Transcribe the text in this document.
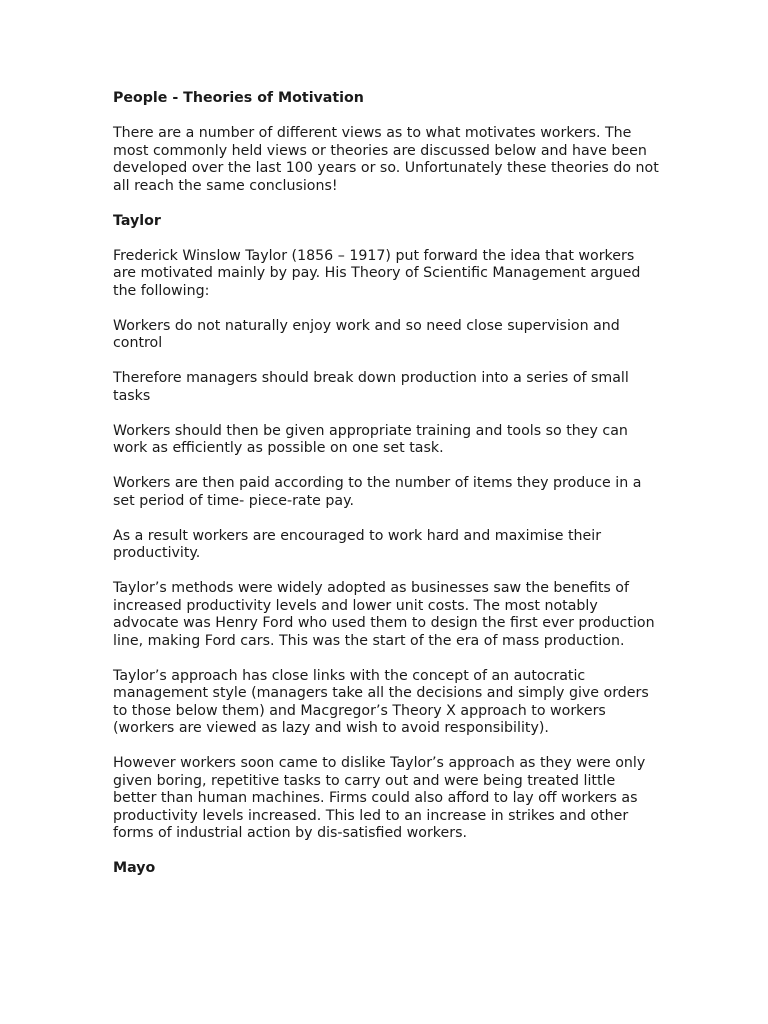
People - Theories of Motivation

There are a number of different views as to what motivates workers. The most commonly held views or theories are discussed below and have been developed over the last 100 years or so. Unfortunately these theories do not all reach the same conclusions!

Taylor

Frederick Winslow Taylor (1856 – 1917) put forward the idea that workers are motivated mainly by pay. His Theory of Scientific Management argued the following:

Workers do not naturally enjoy work and so need close supervision and control

Therefore managers should break down production into a series of small tasks

Workers should then be given appropriate training and tools so they can work as efficiently as possible on one set task.

Workers are then paid according to the number of items they produce in a set period of time- piece-rate pay.

As a result workers are encouraged to work hard and maximise their productivity.

Taylor’s methods were widely adopted as businesses saw the benefits of increased productivity levels and lower unit costs. The most notably advocate was Henry Ford who used them to design the first ever production line, making Ford cars. This was the start of the era of mass production.

Taylor’s approach has close links with the concept of an autocratic management style (managers take all the decisions and simply give orders to those below them) and Macgregor’s Theory X approach to workers (workers are viewed as lazy and wish to avoid responsibility).

However workers soon came to dislike Taylor’s approach as they were only given boring, repetitive tasks to carry out and were being treated little better than human machines. Firms could also afford to lay off workers as productivity levels increased. This led to an increase in strikes and other forms of industrial action by dis-satisfied workers.

Mayo
